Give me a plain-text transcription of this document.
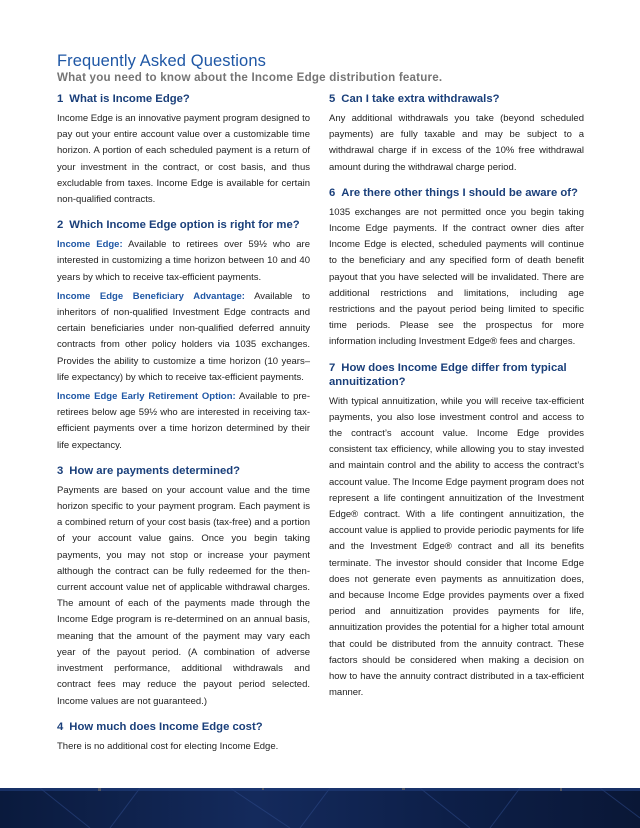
Frequently Asked Questions
What you need to know about the Income Edge distribution feature.
1 What is Income Edge?

Income Edge is an innovative payment program designed to pay out your entire account value over a customizable time horizon. A portion of each scheduled payment is a return of your investment in the contract, or cost basis, and thus excludable from taxes. Income Edge is available for certain non-qualified contracts.

2 Which Income Edge option is right for me?

Income Edge: Available to retirees over 59½ who are interested in customizing a time horizon between 10 and 40 years by which to receive tax-efficient payments.

Income Edge Beneficiary Advantage: Available to inheritors of non-qualified Investment Edge contracts and certain beneficiaries under non-qualified deferred annuity contracts from other policy holders via 1035 exchanges. Provides the ability to customize a time horizon (10 years–life expectancy) by which to receive tax-efficient payments.

Income Edge Early Retirement Option: Available to pre-retirees below age 59½ who are interested in receiving tax-efficient payments over a time horizon determined by their life expectancy.

3 How are payments determined?

Payments are based on your account value and the time horizon specific to your payment program. Each payment is a combined return of your cost basis (tax-free) and a portion of your account value gains. Once you begin taking payments, you may not stop or increase your payment although the contract can be fully redeemed for the then-current account value net of applicable withdrawal charges. The amount of each of the payments made through the Income Edge program is re-determined on an annual basis, meaning that the amount of the payment may vary each year of the payout period. (A combination of adverse investment performance, additional withdrawals and contract fees may reduce the payout period selected. Income values are not guaranteed.)

4 How much does Income Edge cost?

There is no additional cost for electing Income Edge.

5 Can I take extra withdrawals?

Any additional withdrawals you take (beyond scheduled payments) are fully taxable and may be subject to a withdrawal charge if in excess of the 10% free withdrawal amount during the withdrawal charge period.

6 Are there other things I should be aware of?

1035 exchanges are not permitted once you begin taking Income Edge payments. If the contract owner dies after Income Edge is elected, scheduled payments will continue to the beneficiary and any specified form of death benefit payout that you have selected will be invalidated. There are additional restrictions and limitations, including age restrictions and the payout period being limited to specific time periods. Please see the prospectus for more information including Investment Edge® fees and charges.

7 How does Income Edge differ from typical annuitization?

With typical annuitization, while you will receive tax-efficient payments, you also lose investment control and access to the contract’s account value. Income Edge provides consistent tax efficiency, while allowing you to stay invested and maintain control and the ability to access the contract’s account value. The Income Edge payment program does not represent a life contingent annuitization of the Investment Edge® contract. With a life contingent annuitization, the account value is applied to provide periodic payments for life and the Investment Edge® contract and all its benefits terminate. The investor should consider that Income Edge does not generate even payments as annuitization does, and because Income Edge provides payments over a fixed period and annuitization provides payments for life, annuitization provides the potential for a higher total amount that could be distributed from the annuity contract. These factors should be considered when making a decision on how to have the annuity contract distributed in a tax-efficient manner.
